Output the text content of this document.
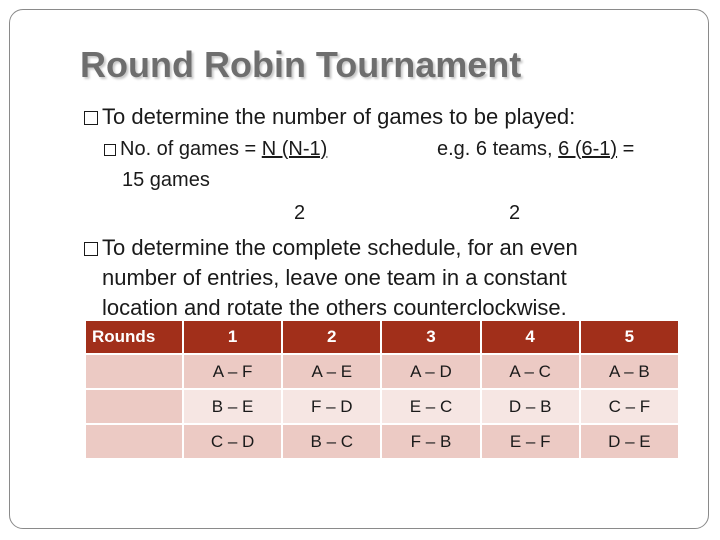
Round Robin Tournament
To determine the number of games to be played:
No. of games = N (N-1)	e.g. 6 teams, 6 (6-1) =
15 games
2	2
To determine the complete schedule, for an even
number of entries, leave one team in a constant
location and rotate the others counterclockwise.
Rounds	1	2	3	4	5
	A – F	A – E	A – D	A – C	A – B
	B – E	F – D	E – C	D – B	C – F
	C – D	B – C	F – B	E – F	D – E
